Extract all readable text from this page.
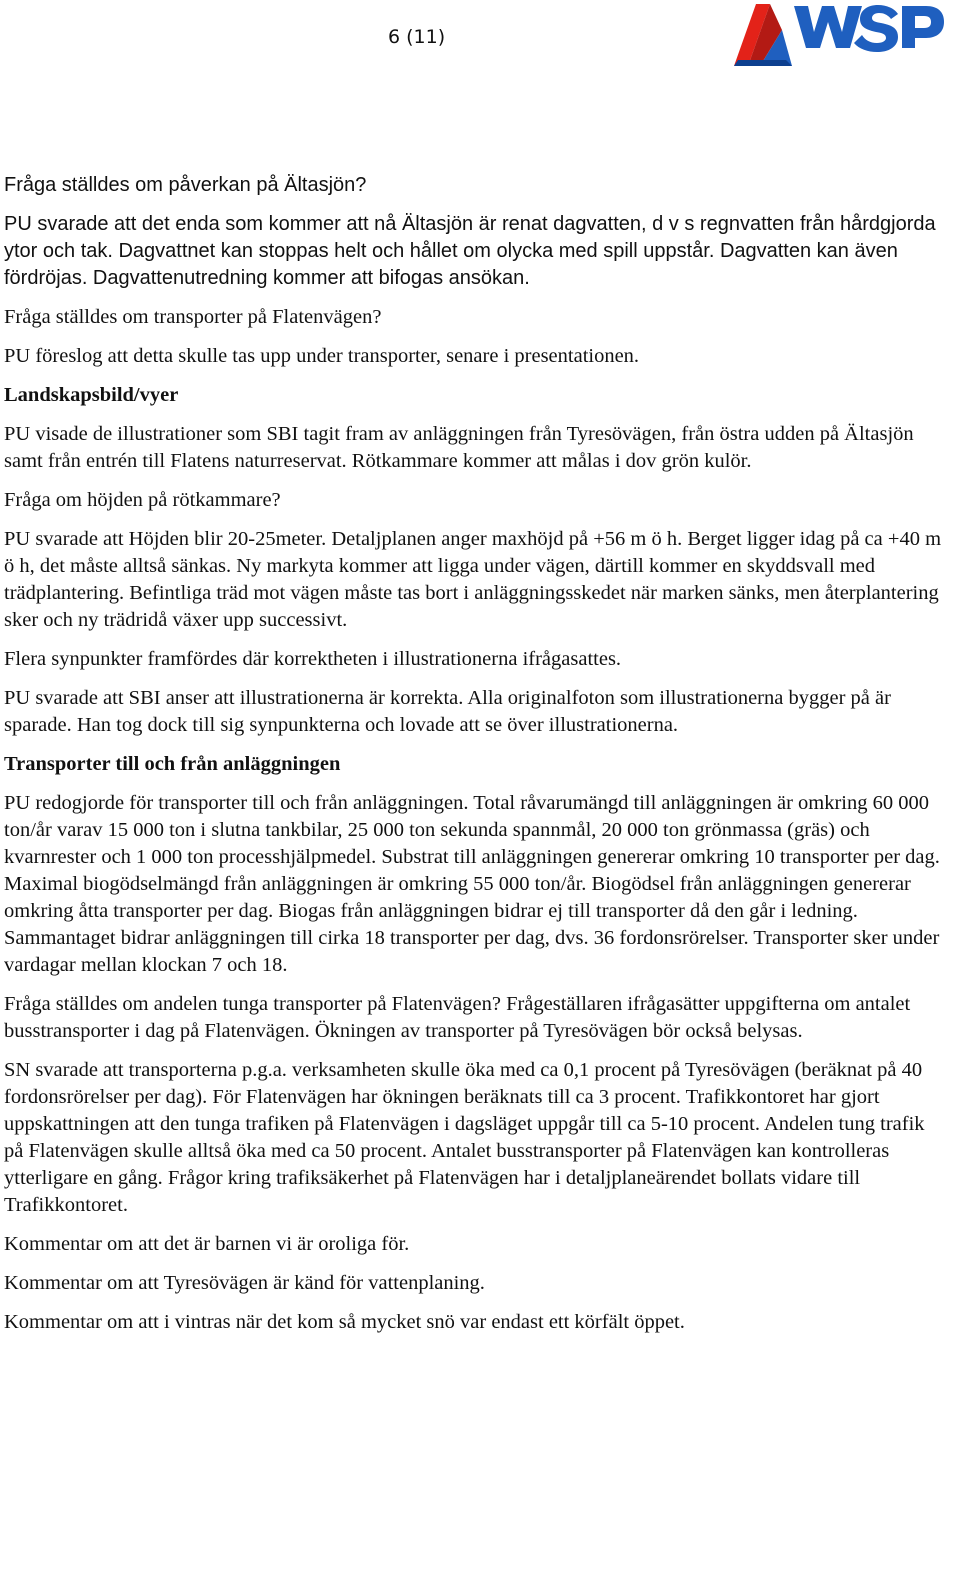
6 (11)

Fråga ställdes om påverkan på Ältasjön?

PU svarade att det enda som kommer att nå Ältasjön är renat dagvatten, d v s regnvatten från hårdgjorda ytor och tak. Dagvattnet kan stoppas helt och hållet om olycka med spill uppstår. Dagvatten kan även fördröjas. Dagvattenutredning kommer att bifogas ansökan.

Fråga ställdes om transporter på Flatenvägen?

PU föreslog att detta skulle tas upp under transporter, senare i presentationen.

Landskapsbild/vyer

PU visade de illustrationer som SBI tagit fram av anläggningen från Tyresövägen, från östra udden på Ältasjön samt från entrén till Flatens naturreservat. Rötkammare kommer att målas i dov grön kulör.

Fråga om höjden på rötkammare?

PU svarade att Höjden blir 20-25meter. Detaljplanen anger maxhöjd på +56 m ö h. Berget ligger idag på ca +40 m ö h, det måste alltså sänkas. Ny markyta kommer att ligga under vägen, därtill kommer en skyddsvall med trädplantering. Befintliga träd mot vägen måste tas bort i anläggningsskedet när marken sänks, men återplantering sker och ny trädridå växer upp successivt.

Flera synpunkter framfördes där korrektheten i illustrationerna ifrågasattes.

PU svarade att SBI anser att illustrationerna är korrekta. Alla originalfoton som illustrationerna bygger på är sparade. Han tog dock till sig synpunkterna och lovade att se över illustrationerna.

Transporter till och från anläggningen

PU redogjorde för transporter till och från anläggningen. Total råvarumängd till anläggningen är omkring 60 000 ton/år varav 15 000 ton i slutna tankbilar, 25 000 ton sekunda spannmål, 20 000 ton grönmassa (gräs) och kvarnrester och 1 000 ton processhjälpmedel. Substrat till anläggningen genererar omkring 10 transporter per dag. Maximal biogödselmängd från anläggningen är omkring 55 000 ton/år. Biogödsel från anläggningen genererar omkring åtta transporter per dag. Biogas från anläggningen bidrar ej till transporter då den går i ledning. Sammantaget bidrar anläggningen till cirka 18 transporter per dag, dvs. 36 fordonsrörelser. Transporter sker under vardagar mellan klockan 7 och 18.

Fråga ställdes om andelen tunga transporter på Flatenvägen? Frågeställaren ifrågasätter uppgifterna om antalet busstransporter i dag på Flatenvägen. Ökningen av transporter på Tyresövägen bör också belysas.

SN svarade att transporterna p.g.a. verksamheten skulle öka med ca 0,1 procent på Tyresövägen (beräknat på 40 fordonsrörelser per dag). För Flatenvägen har ökningen beräknats till ca 3 procent. Trafikkontoret har gjort uppskattningen att den tunga trafiken på Flatenvägen i dagsläget uppgår till ca 5-10 procent. Andelen tung trafik på Flatenvägen skulle alltså öka med ca 50 procent. Antalet busstransporter på Flatenvägen kan kontrolleras ytterligare en gång. Frågor kring trafiksäkerhet på Flatenvägen har i detaljplaneärendet bollats vidare till Trafikkontoret.

Kommentar om att det är barnen vi är oroliga för.

Kommentar om att Tyresövägen är känd för vattenplaning.

Kommentar om att i vintras när det kom så mycket snö var endast ett körfält öppet.
